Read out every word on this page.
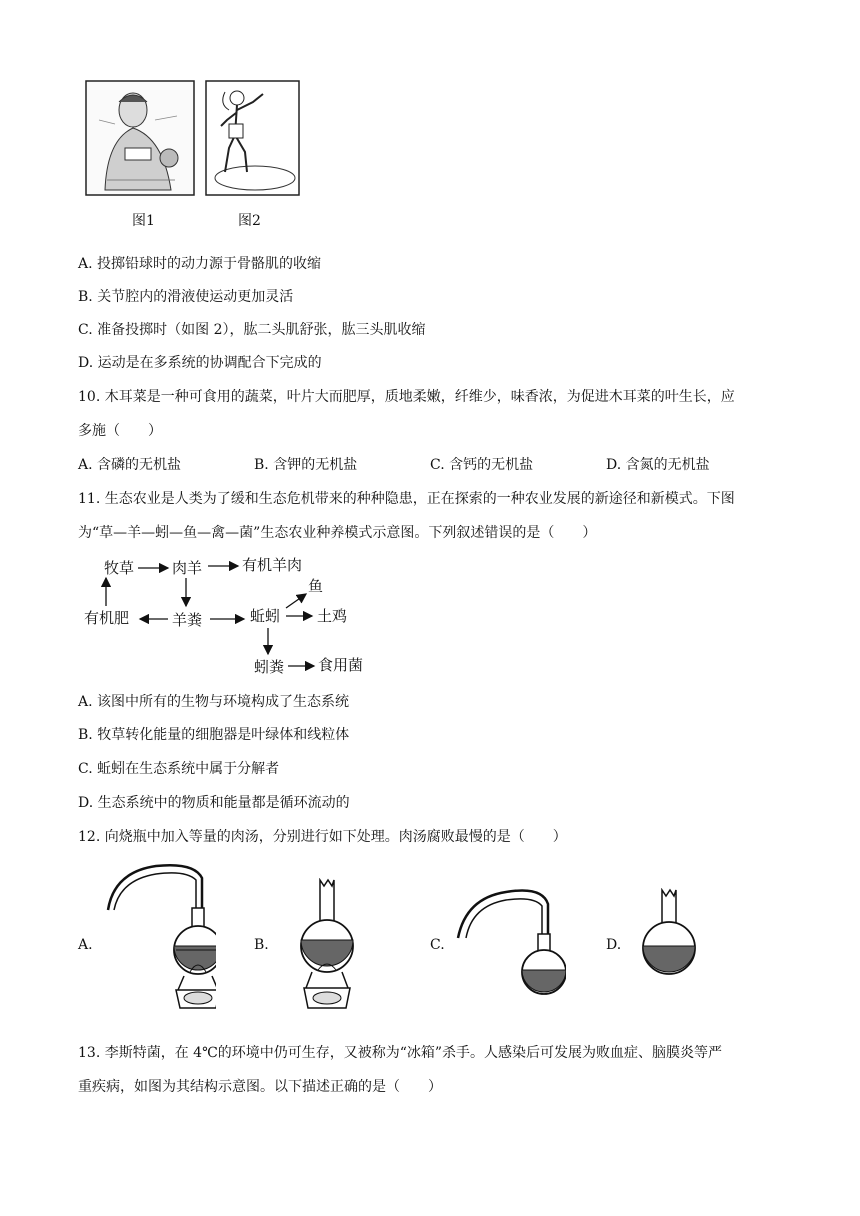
图1	图2
A. 投掷铅球时的动力源于骨骼肌的收缩
B. 关节腔内的滑液使运动更加灵活
C. 准备投掷时（如图 2），肱二头肌舒张，肱三头肌收缩
D. 运动是在多系统的协调配合下完成的
10. 木耳菜是一种可食用的蔬菜，叶片大而肥厚，质地柔嫩，纤维少，味香浓，为促进木耳菜的叶生长，应
多施（　　）
A. 含磷的无机盐	B. 含钾的无机盐	C. 含钙的无机盐	D. 含氮的无机盐
11. 生态农业是人类为了缓和生态危机带来的种种隐患，正在探索的一种农业发展的新途径和新模式。下图
为“草—羊—蚓—鱼—禽—菌”生态农业种养模式示意图。下列叙述错误的是（　　）
牧草	肉羊	有机羊肉
有机肥	羊粪	蚯蚓
鱼
土鸡
蚓粪 食用菌
A. 该图中所有的生物与环境构成了生态系统
B. 牧草转化能量的细胞器是叶绿体和线粒体
C. 蚯蚓在生态系统中属于分解者
D. 生态系统中的物质和能量都是循环流动的
12. 向烧瓶中加入等量的肉汤，分别进行如下处理。肉汤腐败最慢的是（　　）
A.	B.	C.	D.
13. 李斯特菌，在 4℃的环境中仍可生存，又被称为“冰箱”杀手。人感染后可发展为败血症、脑膜炎等严
重疾病，如图为其结构示意图。以下描述正确的是（　　）
